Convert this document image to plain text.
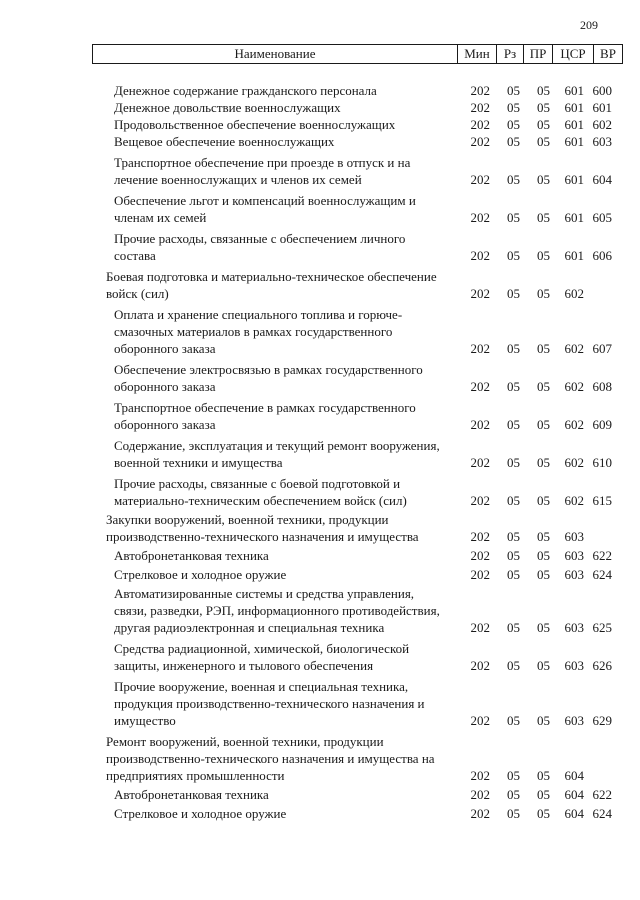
209
Наименование	Мин	Рз	ПР	ЦСР	ВР
Денежное содержание гражданского персонала	202	05	05	601 600
Денежное довольствие военнослужащих	202	05	05	601 601
Продовольственное обеспечение военнослужащих	202	05	05	601 602
Вещевое обеспечение военнослужащих	202	05	05	601 603
Транспортное обеспечение при проезде в отпуск и на лечение военнослужащих и членов их семей	202	05	05	601 604
Обеспечение льгот и компенсаций военнослужащим и членам их семей	202	05	05	601 605
Прочие расходы, связанные с обеспечением личного состава	202	05	05	601 606
Боевая подготовка и материально-техническое обеспечение войск (сил)	202	05	05	602
Оплата и хранение специального топлива и горюче-смазочных материалов в рамках государственного оборонного заказа	202	05	05	602 607
Обеспечение электросвязью в рамках государственного оборонного заказа	202	05	05	602 608
Транспортное обеспечение в рамках государственного оборонного заказа	202	05	05	602 609
Содержание, эксплуатация и текущий ремонт вооружения, военной техники и имущества	202	05	05	602 610
Прочие расходы, связанные с боевой подготовкой и материально-техническим обеспечением войск (сил)	202	05	05	602 615
Закупки вооружений, военной техники, продукции производственно-технического назначения и имущества	202	05	05	603
Автобронетанковая техника	202	05	05	603 622
Стрелковое и холодное оружие	202	05	05	603 624
Автоматизированные системы и средства управления, связи, разведки, РЭП, информационного противодействия, другая радиоэлектронная и специальная техника	202	05	05	603 625
Средства радиационной, химической, биологической защиты, инженерного и тылового обеспечения	202	05	05	603 626
Прочие вооружение, военная и специальная техника, продукция производственно-технического назначения и имущество	202	05	05	603 629
Ремонт вооружений, военной техники, продукции производственно-технического назначения и имущества на предприятиях промышленности	202	05	05	604
Автобронетанковая техника	202	05	05	604 622
Стрелковое и холодное оружие	202	05	05	604 624
